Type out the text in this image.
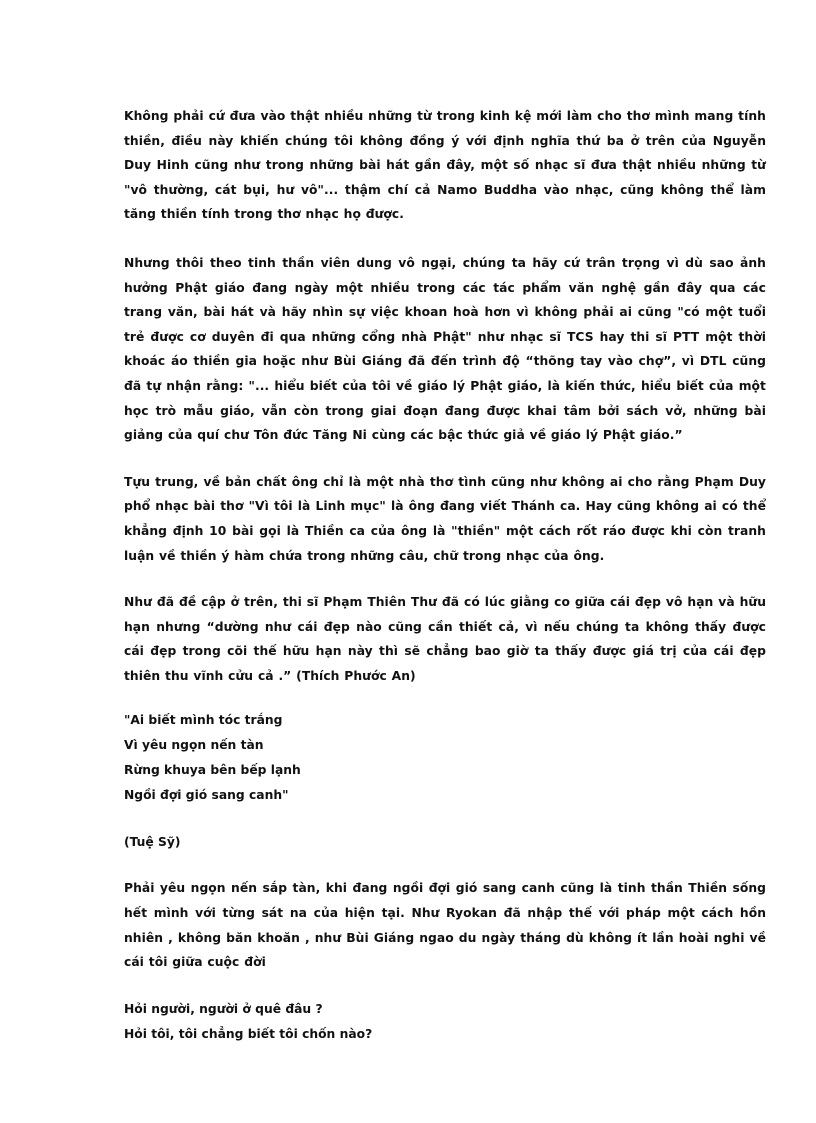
Không phải cứ đưa vào thật nhiều những từ trong kinh kệ mới làm cho thơ mình mang tính thiền, điều này khiến chúng tôi không đồng ý với định nghĩa thứ ba ở trên của Nguyễn Duy Hinh cũng như trong những bài hát gần đây, một số nhạc sĩ đưa thật nhiều những từ "vô thường, cát bụi, hư vô"... thậm chí cả Namo Buddha vào nhạc, cũng không thể làm tăng thiền tính trong thơ nhạc họ được.

Nhưng thôi theo tinh thần viên dung vô ngại, chúng ta hãy cứ trân trọng vì dù sao ảnh hưởng Phật giáo đang ngày một nhiều trong các tác phẩm văn nghệ gần đây qua các trang văn, bài hát và hãy nhìn sự việc khoan hoà hơn vì không phải ai cũng "có một tuổi trẻ được cơ duyên đi qua những cổng nhà Phật" như nhạc sĩ TCS hay thi sĩ PTT một thời khoác áo thiền gia hoặc như Bùi Giáng đã đến trình độ “thõng tay vào chợ”, vì DTL cũng đã tự nhận rằng: "... hiểu biết của tôi về giáo lý Phật giáo, là kiến thức, hiểu biết của một học trò mẫu giáo, vẫn còn trong giai đoạn đang được khai tâm bởi sách vở, những bài giảng của quí chư Tôn đức Tăng Ni cùng các bậc thức giả về giáo lý Phật giáo.”

Tựu trung, về bản chất ông chỉ là một nhà thơ tình cũng như không ai cho rằng Phạm Duy phổ nhạc bài thơ "Vì tôi là Linh mục" là ông đang viết Thánh ca. Hay cũng không ai có thể khẳng định 10 bài gọi là Thiền ca của ông là "thiền" một cách rốt ráo được khi còn tranh luận về thiền ý hàm chứa trong những câu, chữ trong nhạc của ông.

Như đã đề cập ở trên, thi sĩ Phạm Thiên Thư đã có lúc giằng co giữa cái đẹp vô hạn và hữu hạn nhưng “dường như cái đẹp nào cũng cần thiết cả, vì nếu chúng ta không thấy được cái đẹp trong cõi thế hữu hạn này thì sẽ chẳng bao giờ ta thấy được giá trị của cái đẹp thiên thu vĩnh cửu cả .” (Thích Phước An)

"Ai biết mình tóc trắng
Vì yêu ngọn nến tàn
Rừng khuya bên bếp lạnh
Ngồi đợi gió sang canh"

(Tuệ Sỹ)

Phải yêu ngọn nến sắp tàn, khi đang ngồi đợi gió sang canh cũng là tinh thần Thiền sống hết mình với từng sát na của hiện tại. Như Ryokan đã nhập thế với pháp một cách hồn nhiên , không băn khoăn , như Bùi Giáng ngao du ngày tháng dù không ít lần hoài nghi về cái tôi giữa cuộc đời

Hỏi người, người ở quê đâu ?
Hỏi tôi, tôi chẳng biết tôi chốn nào?
